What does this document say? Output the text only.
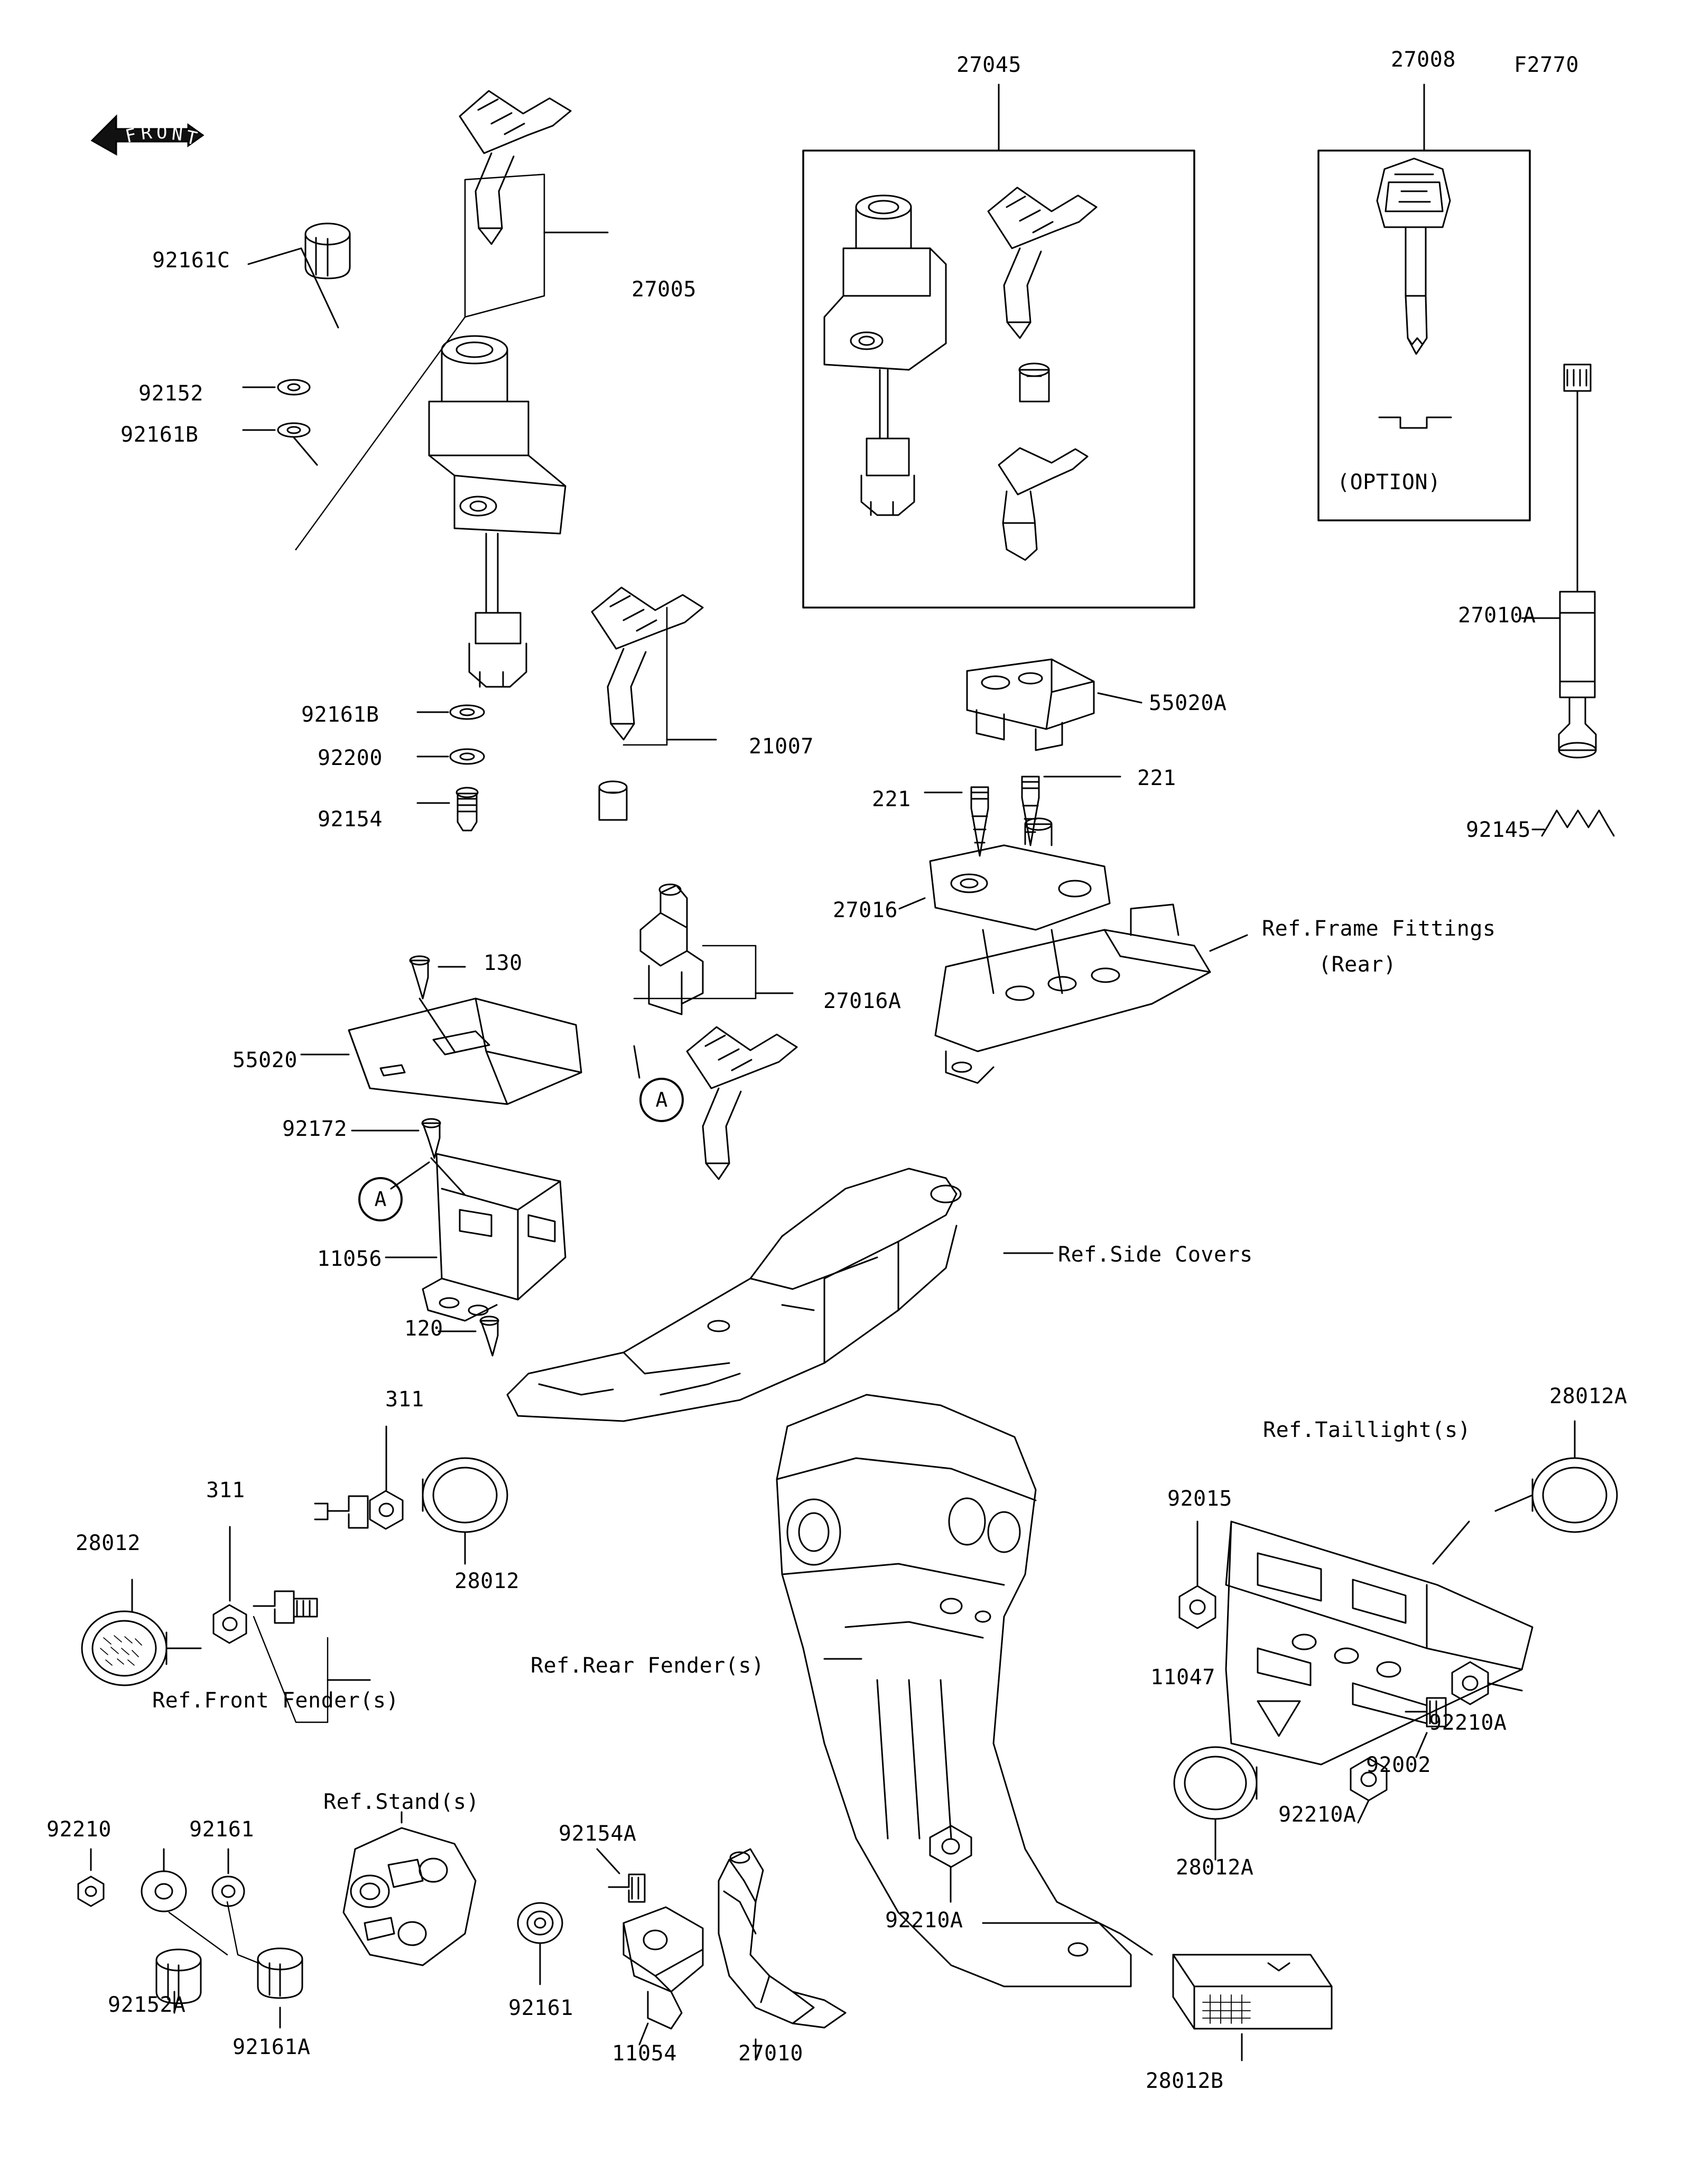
F R O N T
A
A
27045	27008	F2770
92161C
27005
92152
92161B
27010A
92161B
21007
92200
92154
55020A
221
221
27016
92145
Ref.Frame Fittings
(Rear)
130
27016A
55020
92172
Ref.Side Covers
11056
120
311	28012A
311
Ref.Taillight(s)
28012
92015
28012
11047
Ref.Rear Fender(s)
92210A
92002
Ref.Front Fender(s)
92210A
92210	92161
Ref.Stand(s)
92154A
28012A
92210A
92152A	92161
92161A	11054	27010
28012B
(OPTION)
